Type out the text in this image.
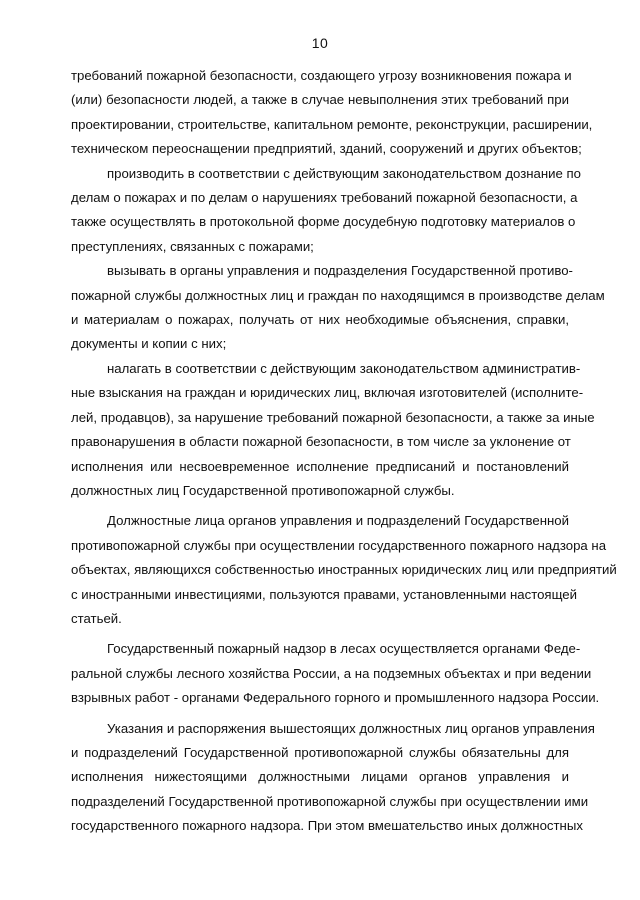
10

требований пожарной безопасности, создающего угрозу возникновения пожара и
(или) безопасности людей, а также в случае невыполнения этих требований при
проектировании, строительстве, капитальном ремонте, реконструкции, расширении,
техническом переоснащении предприятий, зданий, сооружений и других объектов;

производить в соответствии с действующим законодательством дознание по
делам о пожарах и по делам о нарушениях требований пожарной безопасности, а
также осуществлять в протокольной форме досудебную подготовку материалов о
преступлениях, связанных с пожарами;

вызывать в органы управления и подразделения Государственной противо-
пожарной службы должностных лиц и граждан по находящимся в производстве делам
и материалам о пожарах, получать от них необходимые объяснения, справки,
документы и копии с них;

налагать в соответствии с действующим законодательством административ-
ные взыскания на граждан и юридических лиц, включая изготовителей (исполните-
лей, продавцов), за нарушение требований пожарной безопасности, а также за иные
правонарушения в области пожарной безопасности, в том числе за уклонение от
исполнения или несвоевременное исполнение предписаний и постановлений
должностных лиц Государственной противопожарной службы.

Должностные лица органов управления и подразделений Государственной
противопожарной службы при осуществлении государственного пожарного надзора на
объектах, являющихся собственностью иностранных юридических лиц или предприятий
с иностранными инвестициями, пользуются правами, установленными настоящей
статьей.

Государственный пожарный надзор в лесах осуществляется органами Феде-
ральной службы лесного хозяйства России, а на подземных объектах и при ведении
взрывных работ - органами Федерального горного и промышленного надзора России.

Указания и распоряжения вышестоящих должностных лиц органов управления
и подразделений Государственной противопожарной службы обязательны для
исполнения нижестоящими должностными лицами органов управления и
подразделений Государственной противопожарной службы при осуществлении ими
государственного пожарного надзора. При этом вмешательство иных должностных
